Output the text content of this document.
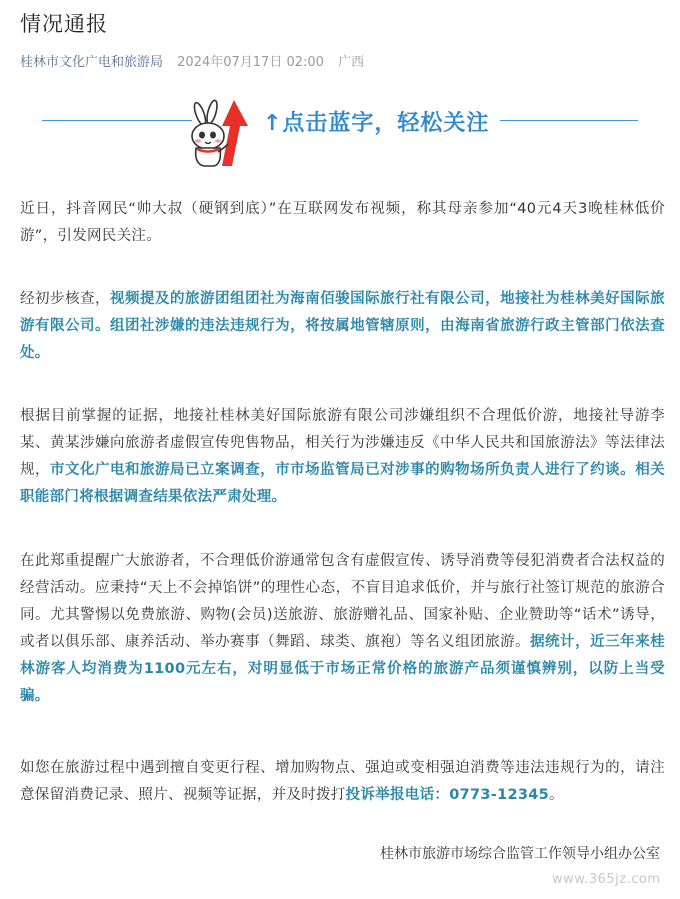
情况通报
桂林市文化广电和旅游局 2024年07月17日 02:00 广西
↑点击蓝字，轻松关注

近日，抖音网民“帅大叔（硬钢到底）”在互联网发布视频，称其母亲参加“40元4天3晚桂林低价游”，引发网民关注。

经初步核查，视频提及的旅游团组团社为海南佰骏国际旅行社有限公司，地接社为桂林美好国际旅游有限公司。组团社涉嫌的违法违规行为，将按属地管辖原则，由海南省旅游行政主管部门依法查处。

根据目前掌握的证据，地接社桂林美好国际旅游有限公司涉嫌组织不合理低价游，地接社导游李某、黄某涉嫌向旅游者虚假宣传兜售物品，相关行为涉嫌违反《中华人民共和国旅游法》等法律法规，市文化广电和旅游局已立案调查，市市场监管局已对涉事的购物场所负责人进行了约谈。相关职能部门将根据调查结果依法严肃处理。

在此郑重提醒广大旅游者，不合理低价游通常包含有虚假宣传、诱导消费等侵犯消费者合法权益的经营活动。应秉持“天上不会掉馅饼”的理性心态，不盲目追求低价，并与旅行社签订规范的旅游合同。尤其警惕以免费旅游、购物(会员)送旅游、旅游赠礼品、国家补贴、企业赞助等“话术”诱导，或者以俱乐部、康养活动、举办赛事（舞蹈、球类、旗袍）等名义组团旅游。据统计，近三年来桂林游客人均消费为1100元左右，对明显低于市场正常价格的旅游产品须谨慎辨别，以防上当受骗。

如您在旅游过程中遇到擅自变更行程、增加购物点、强迫或变相强迫消费等违法违规行为的，请注意保留消费记录、照片、视频等证据，并及时拨打投诉举报电话：0773-12345。

桂林市旅游市场综合监管工作领导小组办公室
www.365jz.com
